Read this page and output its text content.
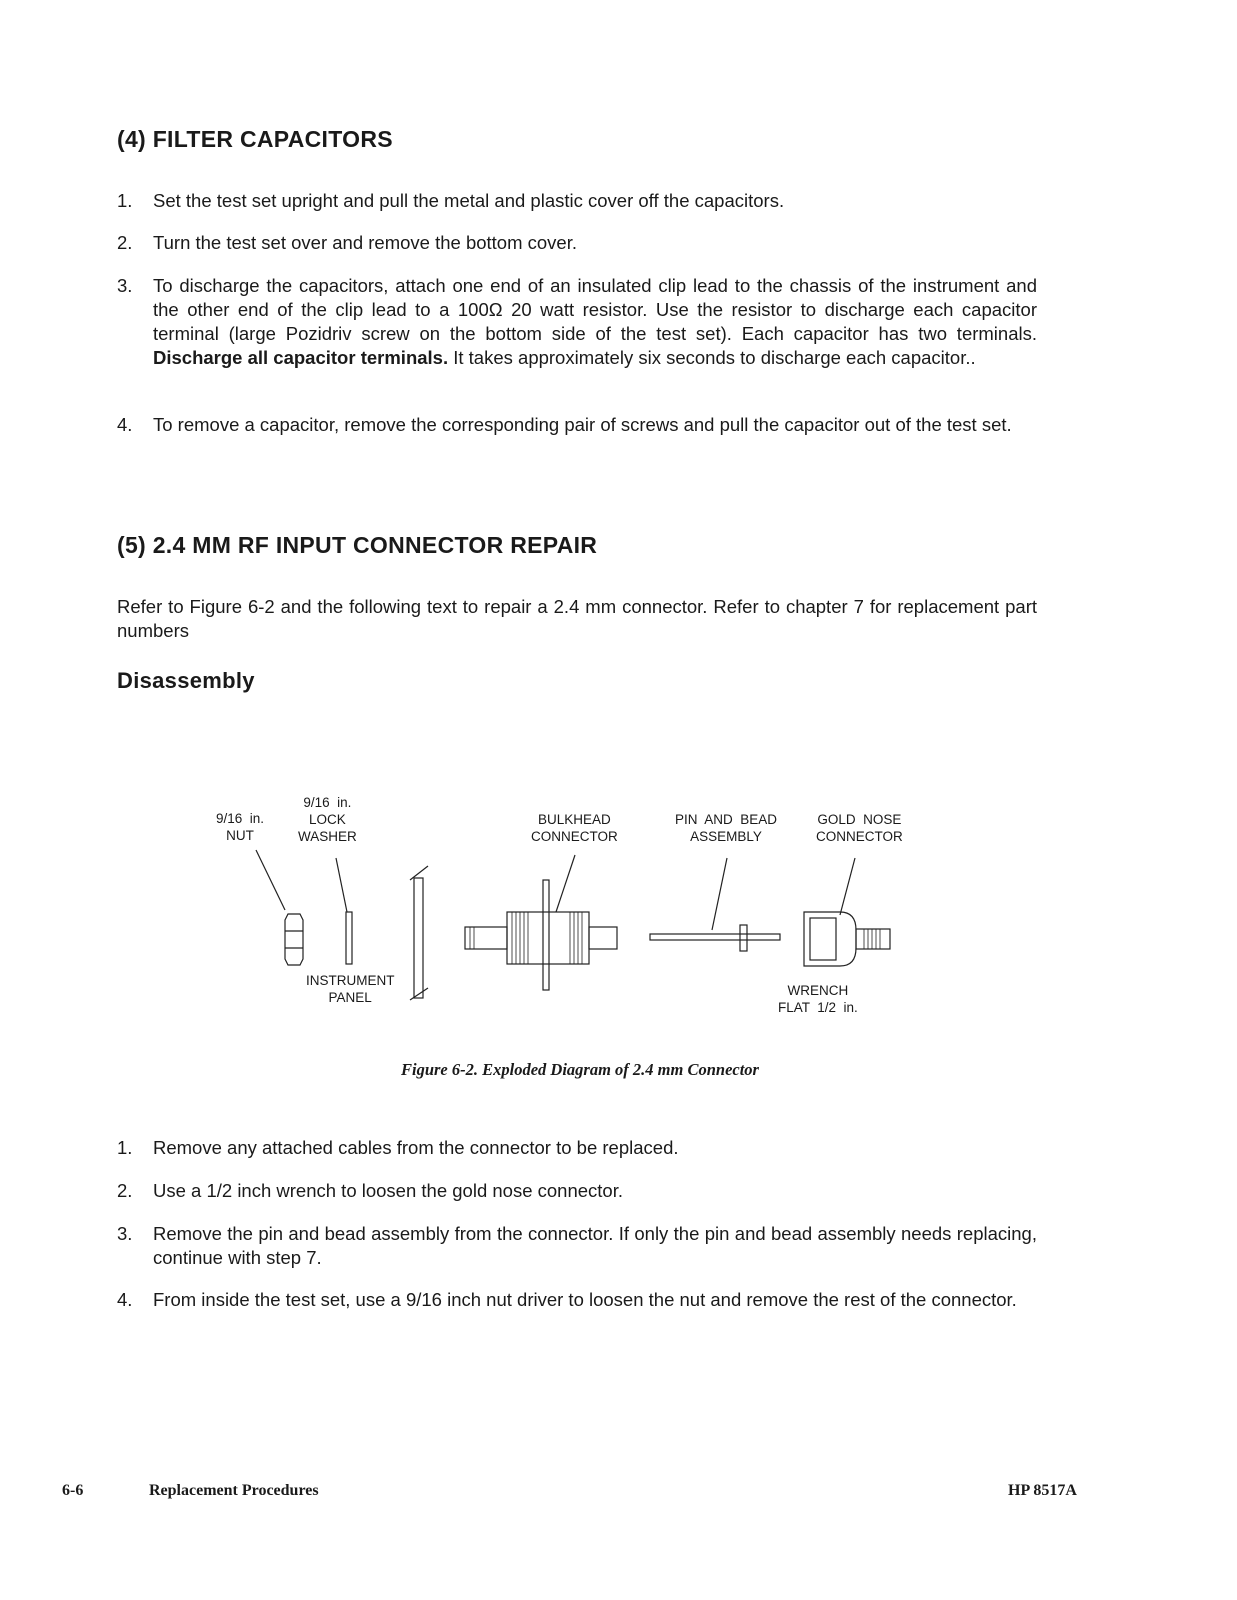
(4) FILTER CAPACITORS
1. Set the test set upright and pull the metal and plastic cover off the capacitors.
2. Turn the test set over and remove the bottom cover.
3. To discharge the capacitors, attach one end of an insulated clip lead to the chassis of the instrument and the other end of the clip lead to a 100Ω 20 watt resistor. Use the resistor to discharge each capacitor terminal (large Pozidriv screw on the bottom side of the test set). Each capacitor has two terminals. Discharge all capacitor terminals. It takes approximately six seconds to discharge each capacitor..
4. To remove a capacitor, remove the corresponding pair of screws and pull the capacitor out of the test set.
(5) 2.4 MM RF INPUT CONNECTOR REPAIR
Refer to Figure 6-2 and the following text to repair a 2.4 mm connector. Refer to chapter 7 for replacement part numbers
Disassembly
9/16  in.
NUT
9/16  in.
LOCK
WASHER
BULKHEAD
CONNECTOR
PIN  AND  BEAD
ASSEMBLY
GOLD  NOSE
CONNECTOR
INSTRUMENT
PANEL	WRENCH
FLAT  1/2  in.
Figure 6-2. Exploded Diagram of 2.4 mm Connector
1. Remove any attached cables from the connector to be replaced.
2. Use a 1/2 inch wrench to loosen the gold nose connector.
3. Remove the pin and bead assembly from the connector. If only the pin and bead assembly needs replacing, continue with step 7.
4. From inside the test set, use a 9/16 inch nut driver to loosen the nut and remove the rest of the connector.
6-6	Replacement Procedures	HP 8517A
